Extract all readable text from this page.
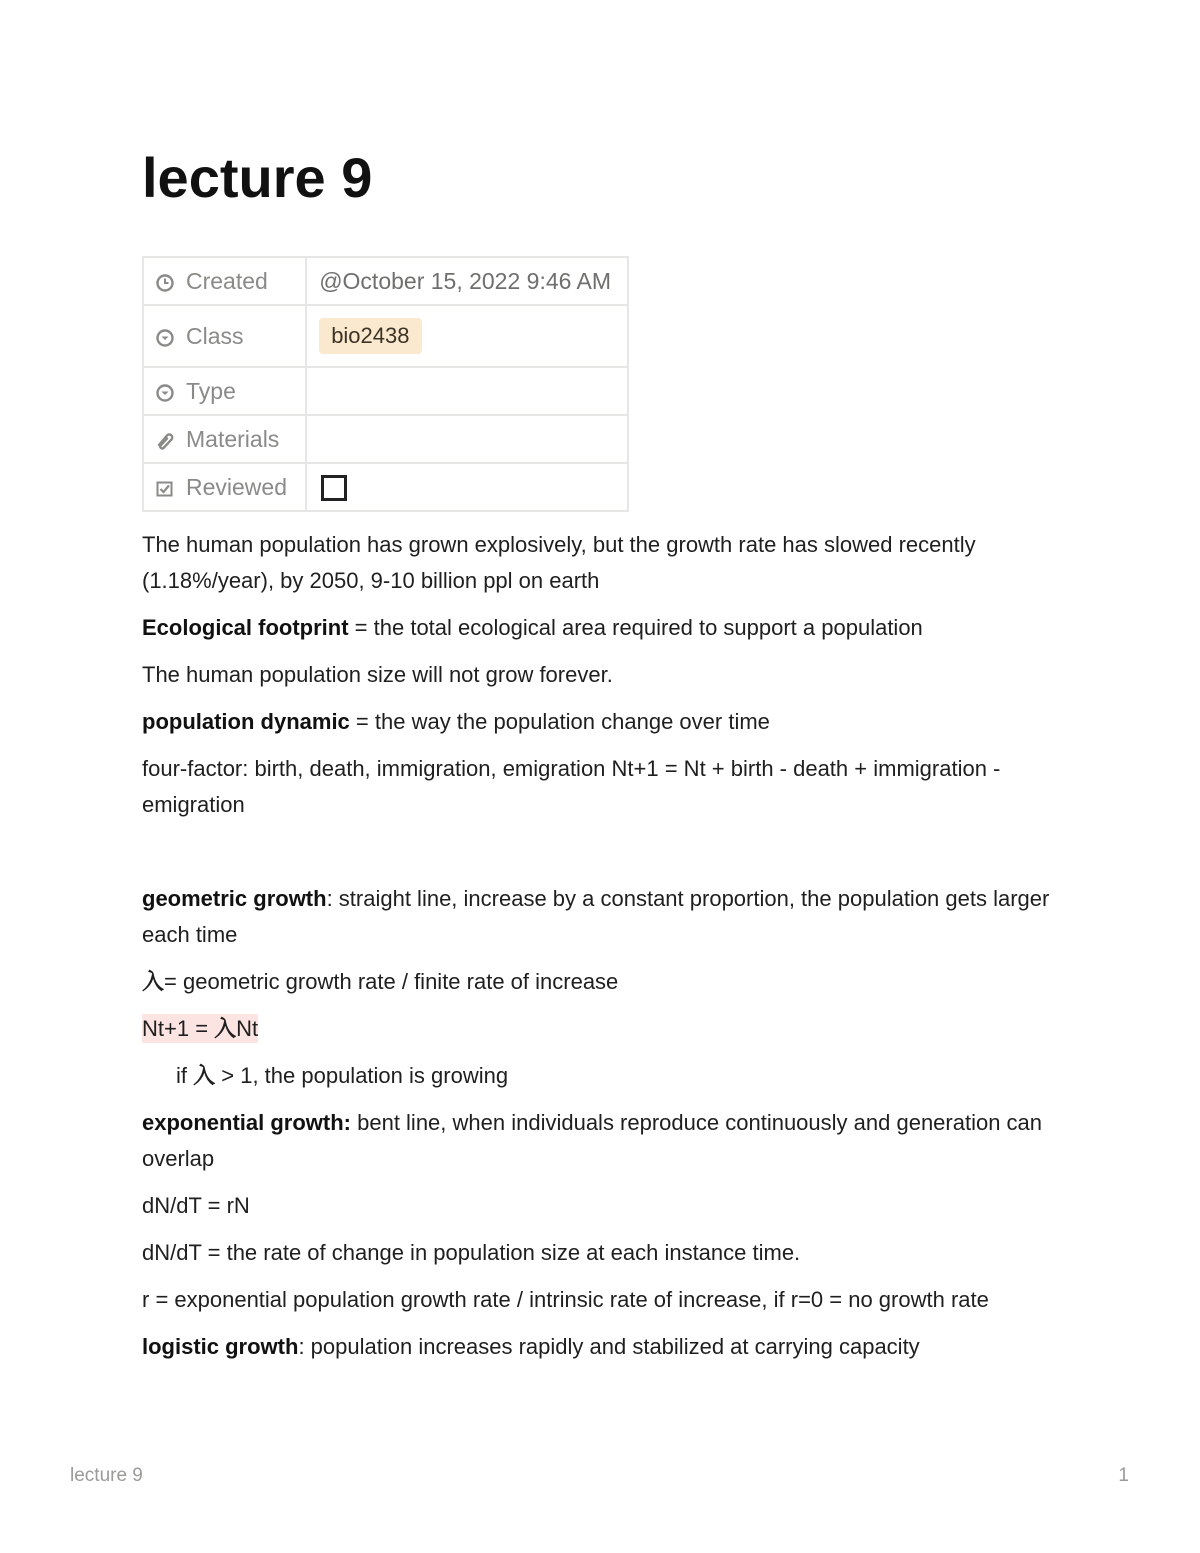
lecture 9
Created	@October 15, 2022 9:46 AM
Class	bio2438
Type	
Materials	
Reviewed	

The human population has grown explosively, but the growth rate has slowed recently (1.18%/year), by 2050, 9-10 billion ppl on earth

Ecological footprint = the total ecological area required to support a population

The human population size will not grow forever.

population dynamic = the way the population change over time

four-factor: birth, death, immigration, emigration Nt+1 = Nt + birth - death + immigration - emigration

geometric growth: straight line, increase by a constant proportion, the population gets larger each time

入= geometric growth rate / finite rate of increase

Nt+1 = 入Nt

if 入 > 1, the population is growing

exponential growth: bent line, when individuals reproduce continuously and generation can overlap

dN/dT = rN

dN/dT = the rate of change in population size at each instance time.

r = exponential population growth rate / intrinsic rate of increase, if r=0 = no growth rate

logistic growth: population increases rapidly and stabilized at carrying capacity

lecture 9	1
